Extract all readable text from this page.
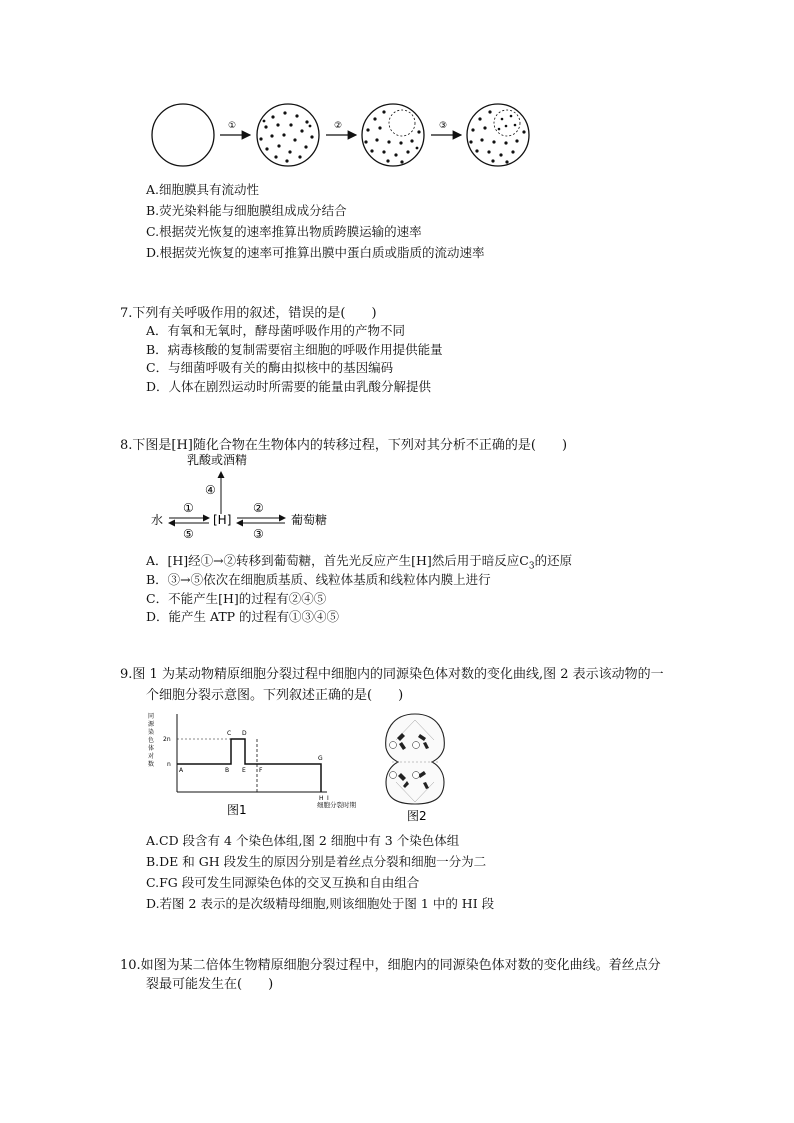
①	②	③
A.细胞膜具有流动性
B.荧光染料能与细胞膜组成成分结合
C.根据荧光恢复的速率推算出物质跨膜运输的速率
D.根据荧光恢复的速率可推算出膜中蛋白质或脂质的流动速率
7.下列有关呼吸作用的叙述，错误的是(　　)
A．有氧和无氧时，酵母菌呼吸作用的产物不同
B．病毒核酸的复制需要宿主细胞的呼吸作用提供能量
C．与细菌呼吸有关的酶由拟核中的基因编码
D．人体在剧烈运动时所需要的能量由乳酸分解提供
8.下图是[H]随化合物在生物体内的转移过程，下列对其分析不正确的是(　　)
乳酸或酒精
④
水	[H]
①
⑤
②
③
葡萄糖
A．[H]经①→②转移到葡萄糖，首先光反应产生[H]然后用于暗反应$C_3$的还原
B．③→⑤依次在细胞质基质、线粒体基质和线粒体内膜上进行
C．不能产生[H]的过程有②④⑤
D．能产生 ATP 的过程有①③④⑤
9.图 1 为某动物精原细胞分裂过程中细胞内的同源染色体对数的变化曲线,图 2 表示该动物的一
个细胞分裂示意图。下列叙述正确的是(　　)
同
源
染
色
体
对
数
2n
n
A	B
C D
E F
G
H I
细胞分裂时期
图1	图2
A.CD 段含有 4 个染色体组,图 2 细胞中有 3 个染色体组
B.DE 和 GH 段发生的原因分别是着丝点分裂和细胞一分为二
C.FG 段可发生同源染色体的交叉互换和自由组合
D.若图 2 表示的是次级精母细胞,则该细胞处于图 1 中的 HI 段
10.如图为某二倍体生物精原细胞分裂过程中，细胞内的同源染色体对数的变化曲线。着丝点分
裂最可能发生在(　　)
